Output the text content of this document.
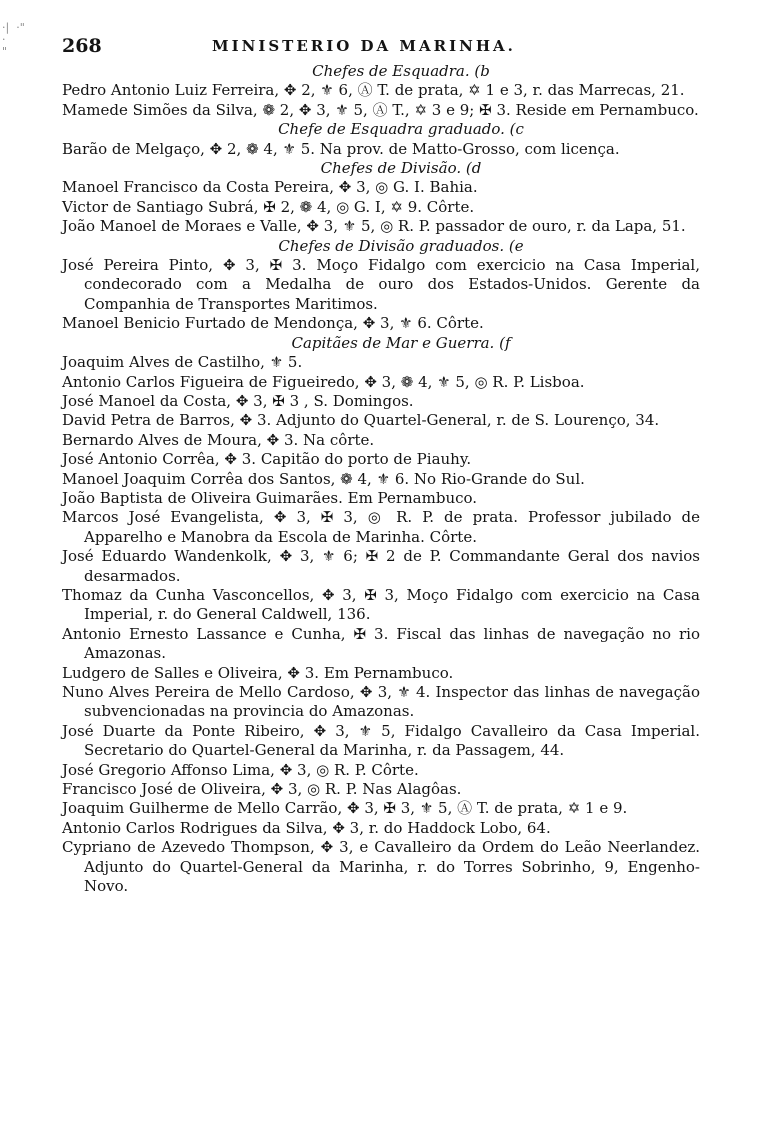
268	MINISTERIO DA MARINHA.
·|  ·"
·
"

Chefes de Esquadra. (b

Pedro Antonio Luiz Ferreira, ✥ 2, ⚜ 6, Ⓐ T. de prata, ✡ 1 e 3, r. das Marrecas, 21.

Mamede Simões da Silva, ❁ 2, ✥ 3, ⚜ 5, Ⓐ T., ✡ 3 e 9; ✠ 3. Reside em Pernambuco.

Chefe de Esquadra graduado. (c

Barão de Melgaço, ✥ 2, ❁ 4, ⚜ 5. Na prov. de Matto-Grosso, com licença.

Chefes de Divisão. (d

Manoel Francisco da Costa Pereira, ✥ 3, ◎ G. I. Bahia.

Victor de Santiago Subrá, ✠ 2, ❁ 4, ◎ G. I, ✡ 9. Côrte.

João Manoel de Moraes e Valle, ✥ 3, ⚜ 5, ◎ R. P. passador de ouro, r. da Lapa, 51.

Chefes de Divisão graduados. (e

José Pereira Pinto, ✥ 3, ✠ 3. Moço Fidalgo com exercicio na Casa Imperial, condecorado com a Medalha de ouro dos Estados-Unidos. Gerente da Companhia de Transportes Maritimos.

Manoel Benicio Furtado de Mendonça, ✥ 3, ⚜ 6. Côrte.

Capitães de Mar e Guerra. (f

Joaquim Alves de Castilho, ⚜ 5.

Antonio Carlos Figueira de Figueiredo, ✥ 3, ❁ 4, ⚜ 5, ◎ R. P. Lisboa.

José Manoel da Costa, ✥ 3, ✠ 3 , S. Domingos.

David Petra de Barros, ✥ 3. Adjunto do Quartel-General, r. de S. Lourenço, 34.

Bernardo Alves de Moura, ✥ 3. Na côrte.

José Antonio Corrêa, ✥ 3. Capitão do porto de Piauhy.

Manoel Joaquim Corrêa dos Santos, ❁ 4, ⚜ 6. No Rio-Grande do Sul.

João Baptista de Oliveira Guimarães. Em Pernambuco.

Marcos José Evangelista, ✥ 3, ✠ 3, ◎ R. P. de prata. Professor jubilado de Apparelho e Manobra da Escola de Marinha. Côrte.

José Eduardo Wandenkolk, ✥ 3, ⚜ 6; ✠ 2 de P. Commandante Geral dos navios desarmados.

Thomaz da Cunha Vasconcellos, ✥ 3, ✠ 3, Moço Fidalgo com exercicio na Casa Imperial, r. do General Caldwell, 136.

Antonio Ernesto Lassance e Cunha, ✠ 3. Fiscal das linhas de navegação no rio Amazonas.

Ludgero de Salles e Oliveira, ✥ 3. Em Pernambuco.

Nuno Alves Pereira de Mello Cardoso, ✥ 3, ⚜ 4. Inspector das linhas de navegação subvencionadas na provincia do Amazonas.

José Duarte da Ponte Ribeiro, ✥ 3, ⚜ 5, Fidalgo Cavalleiro da Casa Imperial. Secretario do Quartel-General da Marinha, r. da Passagem, 44.

José Gregorio Affonso Lima, ✥ 3, ◎ R. P. Côrte.

Francisco José de Oliveira, ✥ 3, ◎ R. P. Nas Alagôas.

Joaquim Guilherme de Mello Carrão, ✥ 3, ✠ 3, ⚜ 5, Ⓐ T. de prata, ✡ 1 e 9.

Antonio Carlos Rodrigues da Silva, ✥ 3, r. do Haddock Lobo, 64.

Cypriano de Azevedo Thompson, ✥ 3, e Cavalleiro da Ordem do Leão Neerlandez. Adjunto do Quartel-General da Marinha, r. do Torres Sobrinho, 9, Engenho-Novo.
